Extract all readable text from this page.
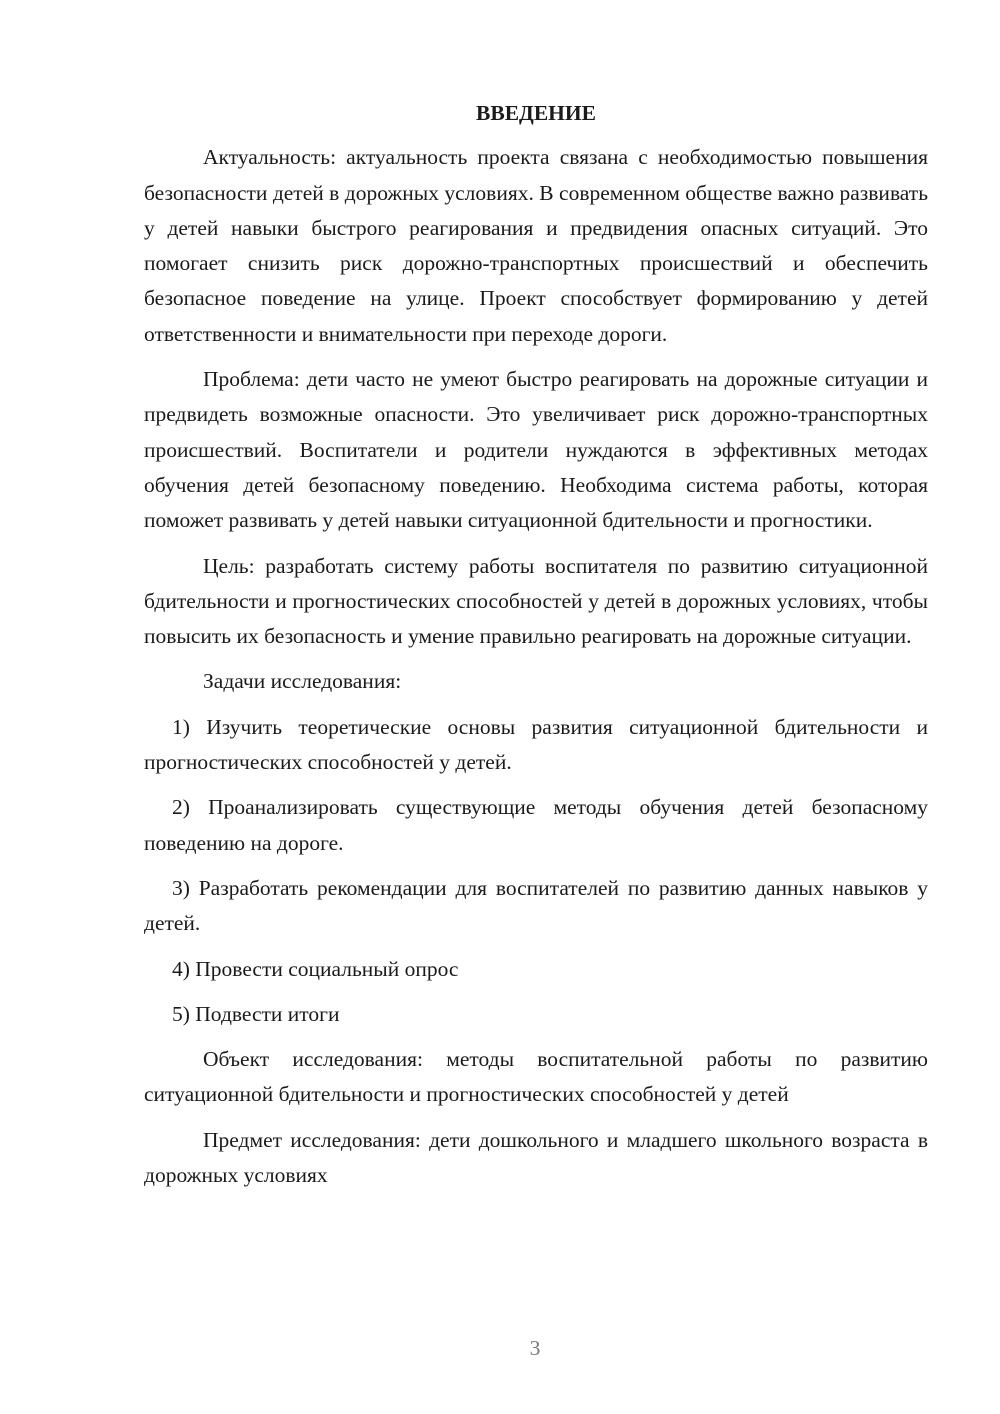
ВВЕДЕНИЕ

Актуальность: актуальность проекта связана с необходимостью повышения безопасности детей в дорожных условиях. В современном обществе важно развивать у детей навыки быстрого реагирования и предвидения опасных ситуаций. Это помогает снизить риск дорожно-транспортных происшествий и обеспечить безопасное поведение на улице. Проект способствует формированию у детей ответственности и внимательности при переходе дороги.

Проблема: дети часто не умеют быстро реагировать на дорожные ситуации и предвидеть возможные опасности. Это увеличивает риск дорожно-транспортных происшествий. Воспитатели и родители нуждаются в эффективных методах обучения детей безопасному поведению. Необходима система работы, которая поможет развивать у детей навыки ситуационной бдительности и прогностики.

Цель: разработать систему работы воспитателя по развитию ситуационной бдительности и прогностических способностей у детей в дорожных условиях, чтобы повысить их безопасность и умение правильно реагировать на дорожные ситуации.

Задачи исследования:

1) Изучить теоретические основы развития ситуационной бдительности и прогностических способностей у детей.

2) Проанализировать существующие методы обучения детей безопасному поведению на дороге.

3) Разработать рекомендации для воспитателей по развитию данных навыков у детей.

4) Провести социальный опрос

5) Подвести итоги

Объект исследования: методы воспитательной работы по развитию ситуационной бдительности и прогностических способностей у детей

Предмет исследования: дети дошкольного и младшего школьного возраста в дорожных условиях

3
